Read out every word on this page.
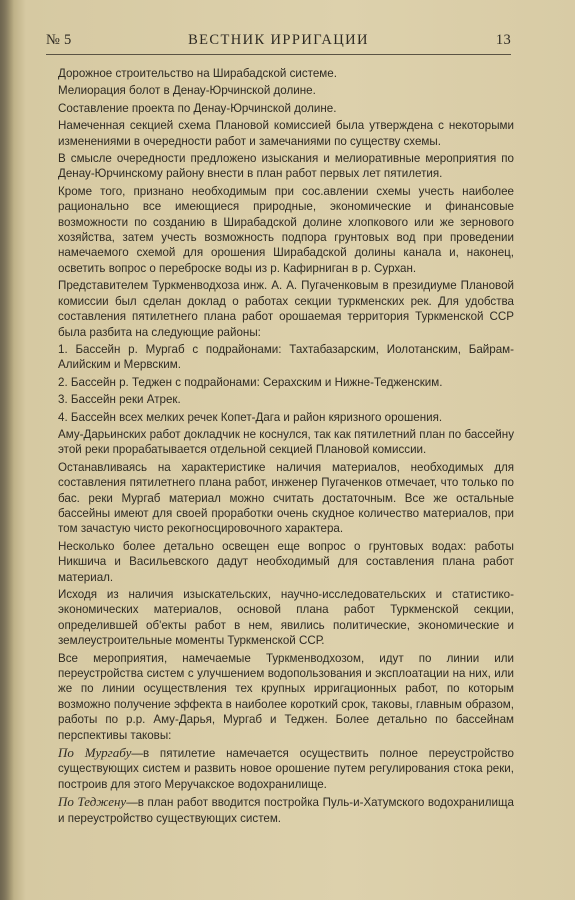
№ 5	ВЕСТНИК ИРРИГАЦИИ	13

Дорожное строительство на Ширабадской системе.

Мелиорация болот в Денау-Юрчинской долине.

Составление проекта по Денау-Юрчинской долине.

Намеченная секцией схема Плановой комиссией была утверждена с некоторыми изменениями в очередности работ и замечаниями по существу схемы.

В смысле очередности предложено изыскания и мелиоративные мероприятия по Денау-Юрчинскому району внести в план работ первых лет пятилетия.

Кроме того, признано необходимым при сос.авлении схемы учесть наиболее рационально все имеющиеся природные, экономические и финансовые возможности по созданию в Ширабадской долине хлопкового или же зернового хозяйства, затем учесть возможность подпора грунтовых вод при проведении намечаемого схемой для орошения Ширабадской долины канала и, наконец, осветить вопрос о переброске воды из р. Кафирниган в р. Сурхан.

Представителем Туркменводхоза инж. А. А. Пугаченковым в президиуме Плановой комиссии был сделан доклад о работах секции туркменских рек. Для удобства составления пятилетнего плана работ орошаемая территория Туркменской ССР была разбита на следующие районы:

1. Бассейн р. Мургаб с подрайонами: Тахтабазарским, Иолотанским, Байрам-Алийским и Мервским.

2. Бассейн р. Теджен с подрайонами: Серахским и Нижне-Тедженским.

3. Бассейн реки Атрек.

4. Бассейн всех мелких речек Копет-Дага и район кяризного орошения.

Аму-Дарьинских работ докладчик не коснулся, так как пятилетний план по бассейну этой реки прорабатывается отдельной секцией Плановой комиссии.

Останавливаясь на характеристике наличия материалов, необходимых для составления пятилетнего плана работ, инженер Пугаченков отмечает, что только по бас. реки Мургаб материал можно считать достаточным. Все же остальные бассейны имеют для своей проработки очень скудное количество материалов, при том зачастую чисто рекогносцировочного характера.

Несколько более детально освещен еще вопрос о грунтовых водах: работы Никшича и Васильевского дадут необходимый для составления плана работ материал.

Исходя из наличия изыскательских, научно-исследовательских и статистико-экономических материалов, основой плана работ Туркменской секции, определившей об'екты работ в нем, явились политические, экономические и землеустроительные моменты Туркменской ССР.

Все мероприятия, намечаемые Туркменводхозом, идут по линии или переустройства систем с улучшением водопользования и эксплоатации на них, или же по линии осуществления тех крупных ирригационных работ, по которым возможно получение эффекта в наиболее короткий срок, таковы, главным образом, работы по р.р. Аму-Дарья, Мургаб и Теджен. Более детально по бассейнам перспективы таковы:

По Мургабу—в пятилетие намечается осуществить полное переустройство существующих систем и развить новое орошение путем регулирования стока реки, построив для этого Меручакское водохранилище.

По Теджену—в план работ вводится постройка Пуль-и-Хатумского водохранилища и переустройство существующих систем.
